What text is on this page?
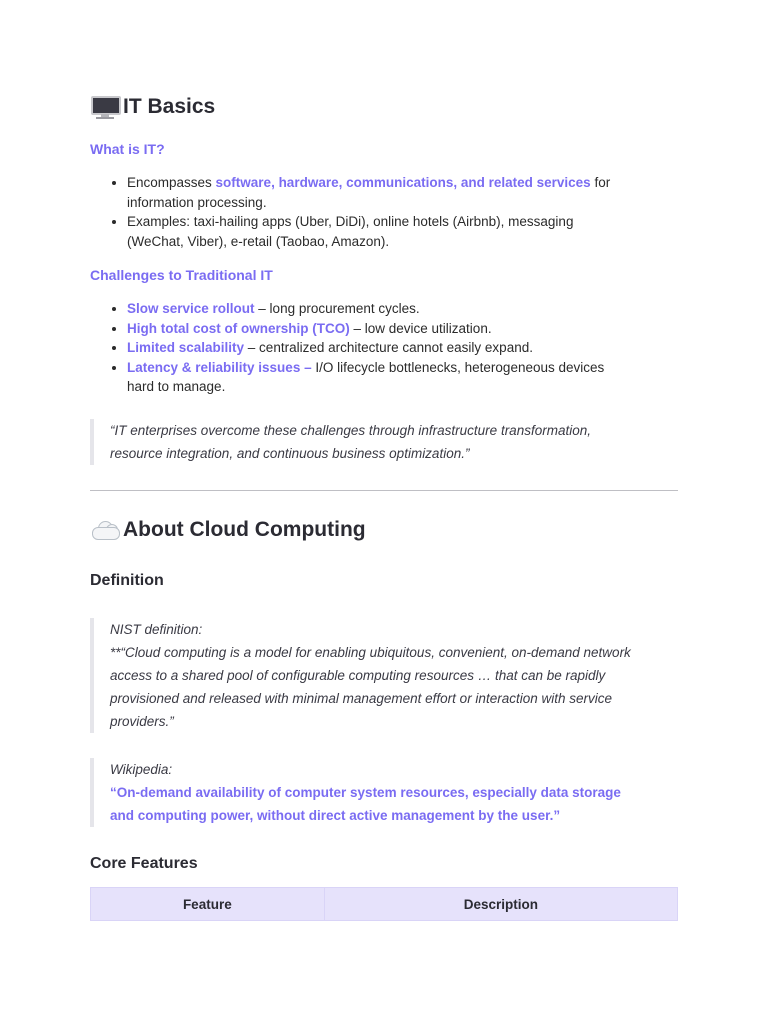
IT Basics
What is IT?
• Encompasses software, hardware, communications, and related services for
information processing.
• Examples: taxi-hailing apps (Uber, DiDi), online hotels (Airbnb), messaging
(WeChat, Viber), e-retail (Taobao, Amazon).
Challenges to Traditional IT
• Slow service rollout – long procurement cycles.
• High total cost of ownership (TCO) – low device utilization.
• Limited scalability – centralized architecture cannot easily expand.
• Latency & reliability issues – I/O lifecycle bottlenecks, heterogeneous devices
hard to manage.
“IT enterprises overcome these challenges through infrastructure transformation,
resource integration, and continuous business optimization.”
About Cloud Computing
Definition
NIST definition:
**“Cloud computing is a model for enabling ubiquitous, convenient, on-demand network
access to a shared pool of configurable computing resources … that can be rapidly
provisioned and released with minimal management effort or interaction with service
providers.”
Wikipedia:
“On-demand availability of computer system resources, especially data storage
and computing power, without direct active management by the user.”
Core Features
Feature	Description
